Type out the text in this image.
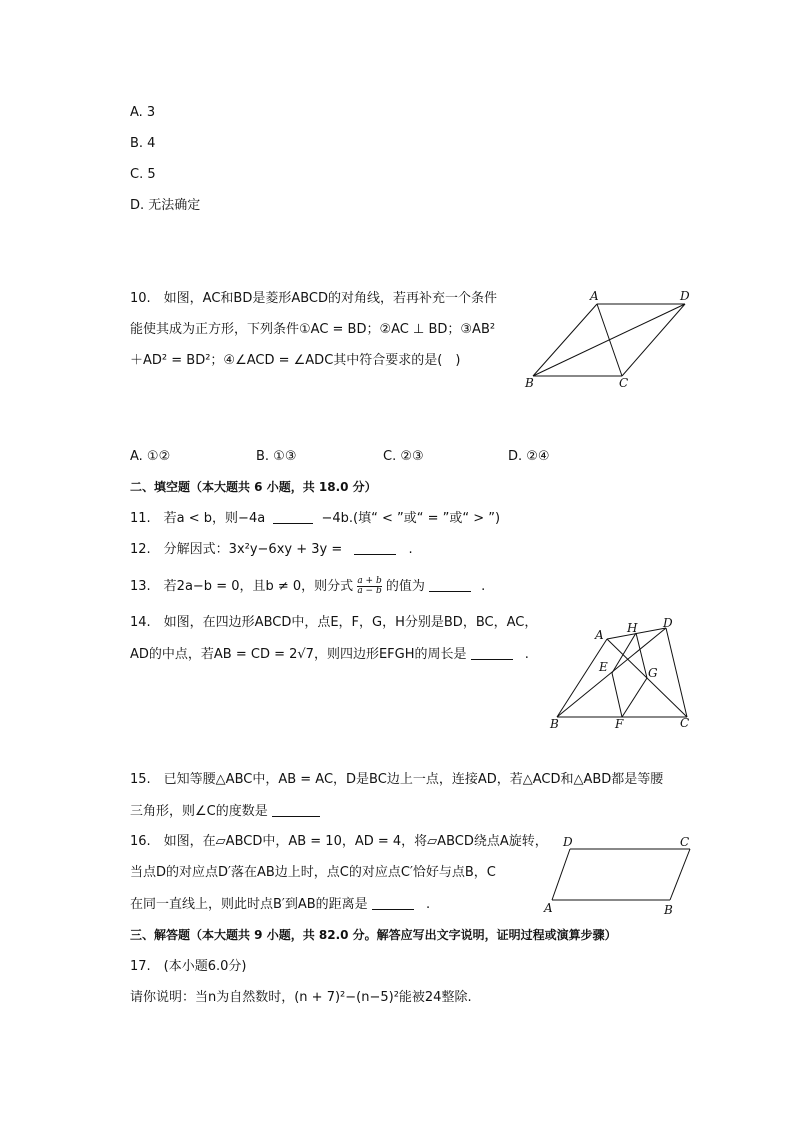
A. 3
B. 4
C. 5
D. 无法确定
10.　如图，AC和BD是菱形ABCD的对角线，若再补充一个条件
能使其成为正方形，下列条件①AC = BD；②AC ⊥ BD；③AB²
＋AD² = BD²；④∠ACD = ∠ADC其中符合要求的是(　)
A	D
B	C
A. ①②	B. ①③	C. ②③	D. ②④
二、填空题（本大题共 6 小题，共 18.0 分）
11.　若a < b，则−4a	−4b.(填“ < ”或“ = ”或“ > ”)
12.　分解因式：3x²y−6xy + 3y =	.
13.　若2a−b = 0，且b ≠ 0，则分式 $\frac{a + b}{a - b}$ 的值为	.
14.　如图，在四边形ABCD中，点E，F，G，H分别是BD，BC，AC，
AD的中点，若AB = CD = 2√7，则四边形EFGH的周长是	.
A H D
E	G
B	F	C
15.　已知等腰△ABC中，AB = AC，D是BC边上一点，连接AD，若△ACD和△ABD都是等腰
三角形，则∠C的度数是
16.　如图，在▱ABCD中，AB = 10，AD = 4，将▱ABCD绕点A旋转，
当点D的对应点D′落在AB边上时，点C的对应点C′恰好与点B，C
在同一直线上，则此时点B′到AB的距离是	.
D	C
A	B
三、解答题（本大题共 9 小题，共 82.0 分。解答应写出文字说明，证明过程或演算步骤）
17.　(本小题6.0分)
请你说明：当n为自然数时，(n + 7)²−(n−5)²能被24整除.
